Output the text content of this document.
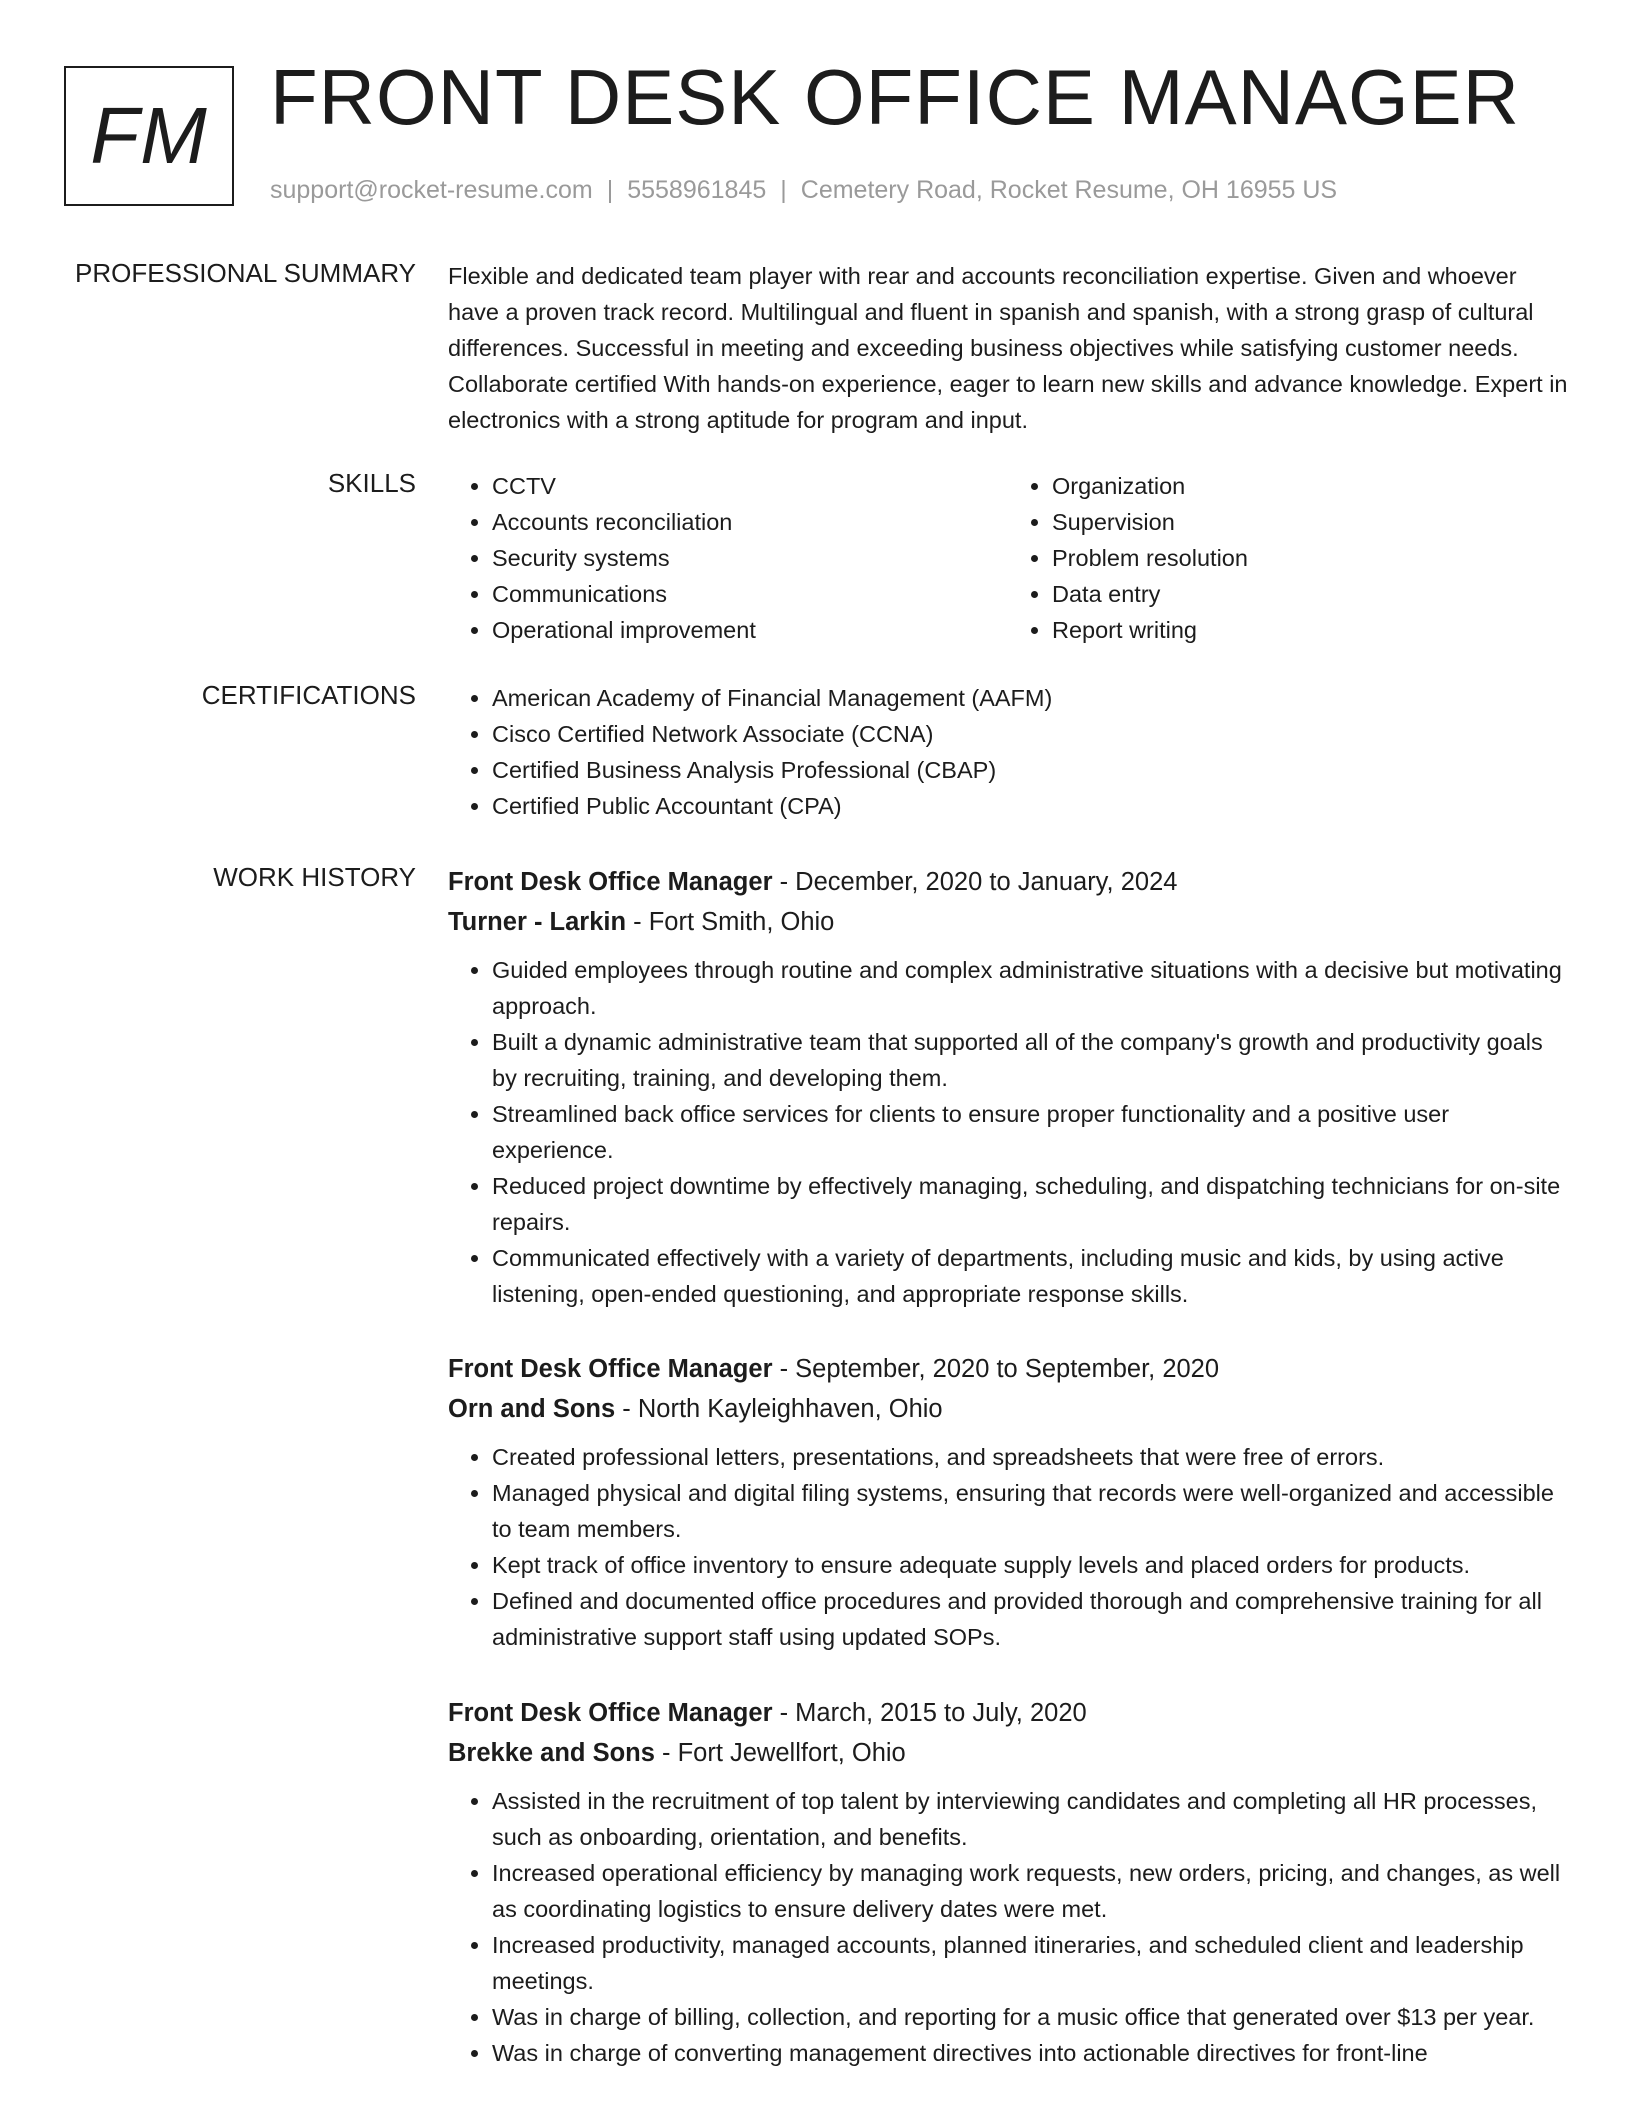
FM FRONT DESK OFFICE MANAGER
support@rocket-resume.com | 5558961845 | Cemetery Road, Rocket Resume, OH 16955 US
PROFESSIONAL SUMMARY Flexible and dedicated team player with rear and accounts reconciliation expertise. Given and whoever have a proven track record. Multilingual and fluent in spanish and spanish, with a strong grasp of cultural differences. Successful in meeting and exceeding business objectives while satisfying customer needs. Collaborate certified With hands-on experience, eager to learn new skills and advance knowledge. Expert in electronics with a strong aptitude for program and input.

SKILLS	• CCTV
• Accounts reconciliation
• Security systems
• Communications
• Operational improvement
• Organization
• Supervision
• Problem resolution
• Data entry
• Report writing
CERTIFICATIONS	• American Academy of Financial Management (AAFM)
• Cisco Certified Network Associate (CCNA)
• Certified Business Analysis Professional (CBAP)
• Certified Public Accountant (CPA)
WORK HISTORY Front Desk Office Manager - December, 2020 to January, 2024
Turner - Larkin - Fort Smith, Ohio
• Guided employees through routine and complex administrative situations with a decisive but motivating approach.
• Built a dynamic administrative team that supported all of the company's growth and productivity goals by recruiting, training, and developing them.
• Streamlined back office services for clients to ensure proper functionality and a positive user experience.
• Reduced project downtime by effectively managing, scheduling, and dispatching technicians for on-site repairs.
• Communicated effectively with a variety of departments, including music and kids, by using active listening, open-ended questioning, and appropriate response skills.
Front Desk Office Manager - September, 2020 to September, 2020
Orn and Sons - North Kayleighhaven, Ohio
• Created professional letters, presentations, and spreadsheets that were free of errors.
• Managed physical and digital filing systems, ensuring that records were well-organized and accessible to team members.
• Kept track of office inventory to ensure adequate supply levels and placed orders for products.
• Defined and documented office procedures and provided thorough and comprehensive training for all administrative support staff using updated SOPs.
Front Desk Office Manager - March, 2015 to July, 2020
Brekke and Sons - Fort Jewellfort, Ohio
• Assisted in the recruitment of top talent by interviewing candidates and completing all HR processes, such as onboarding, orientation, and benefits.
• Increased operational efficiency by managing work requests, new orders, pricing, and changes, as well as coordinating logistics to ensure delivery dates were met.
• Increased productivity, managed accounts, planned itineraries, and scheduled client and leadership meetings.
• Was in charge of billing, collection, and reporting for a music office that generated over $13 per year.
• Was in charge of converting management directives into actionable directives for front-line
